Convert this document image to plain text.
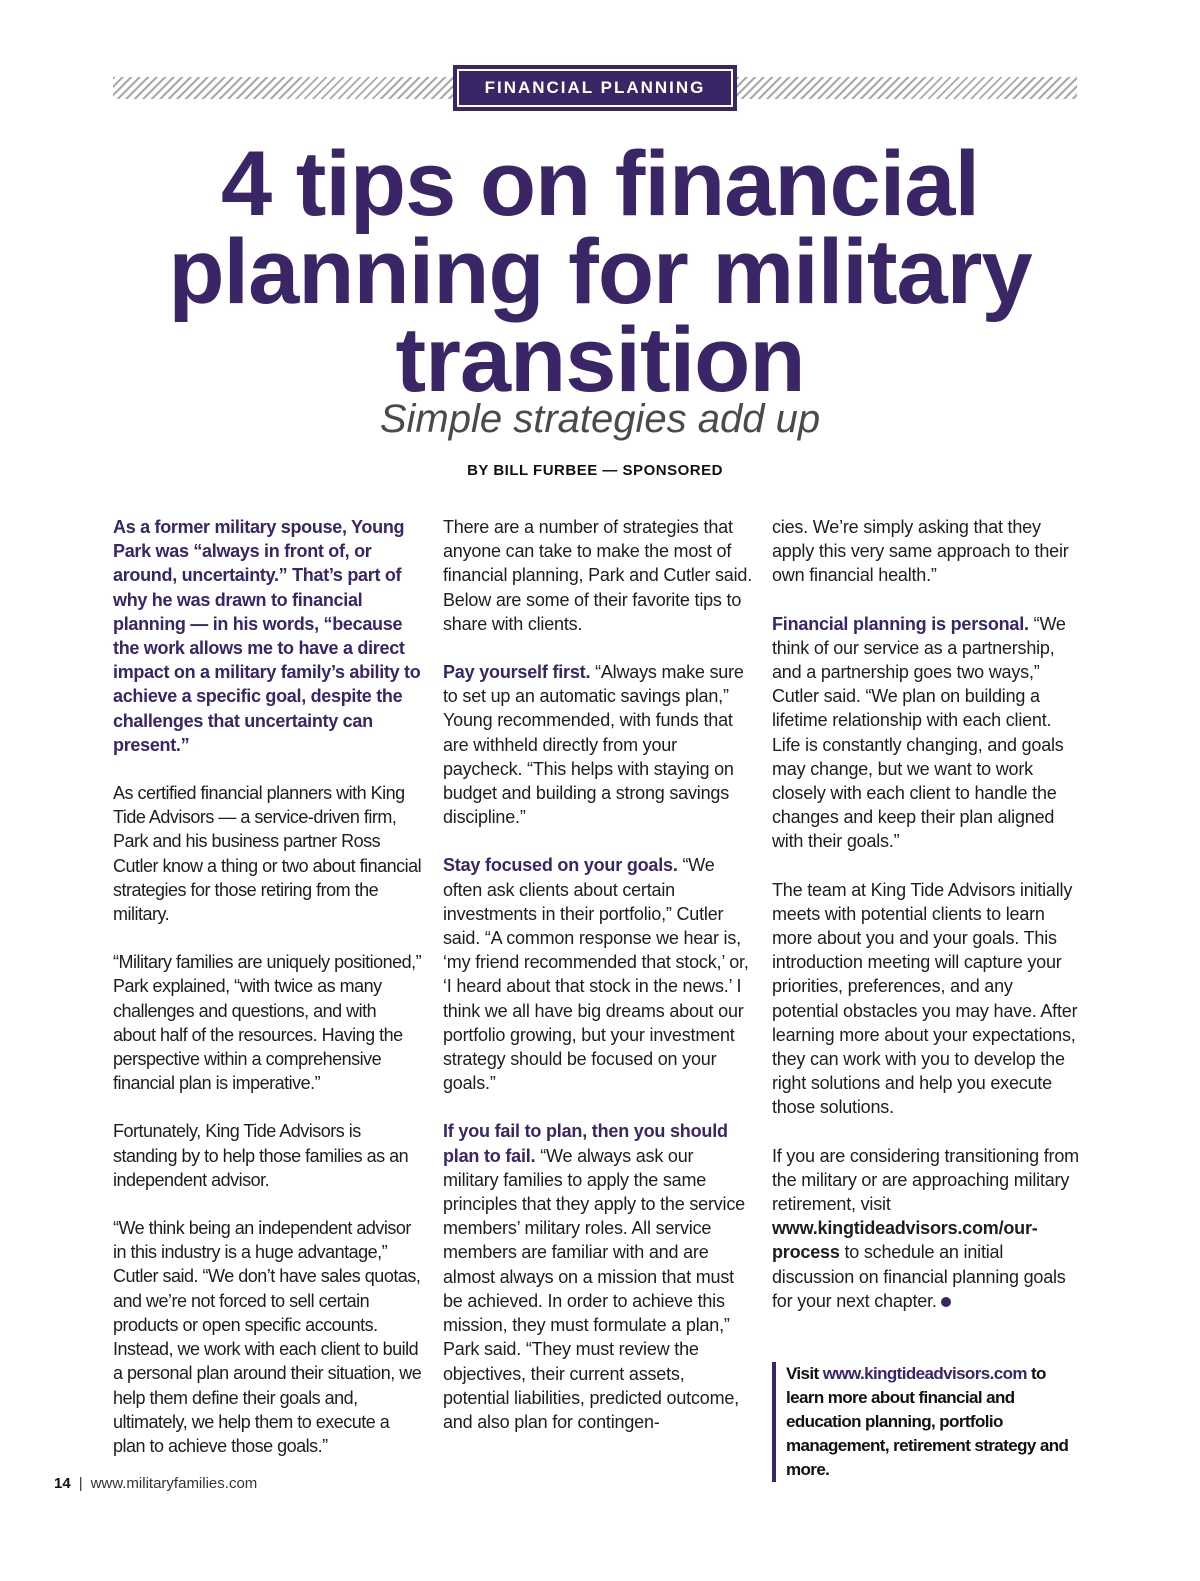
FINANCIAL PLANNING
4 tips on financial planning for military transition
Simple strategies add up
BY BILL FURBEE — SPONSORED

As a former military spouse, Young Park was “always in front of, or around, uncertainty.” That’s part of why he was drawn to financial planning — in his words, “because the work allows me to have a direct impact on a military family’s ability to achieve a specific goal, despite the challenges that uncertainty can present.”

As certified financial planners with King Tide Advisors — a service-driven firm, Park and his business partner Ross Cutler know a thing or two about financial strategies for those retiring from the military.

“Military families are uniquely positioned,” Park explained, “with twice as many challenges and questions, and with about half of the resources. Having the perspective within a comprehensive financial plan is imperative.”

Fortunately, King Tide Advisors is standing by to help those families as an independent advisor.

“We think being an independent advisor in this industry is a huge advantage,” Cutler said. “We don’t have sales quotas, and we’re not forced to sell certain products or open specific accounts. Instead, we work with each client to build a personal plan around their situation, we help them define their goals and, ultimately, we help them to execute a plan to achieve those goals.”

There are a number of strategies that anyone can take to make the most of financial planning, Park and Cutler said. Below are some of their favorite tips to share with clients.

Pay yourself first. “Always make sure to set up an automatic savings plan,” Young recommended, with funds that are withheld directly from your paycheck. “This helps with staying on budget and building a strong savings discipline.”

Stay focused on your goals. “We often ask clients about certain investments in their portfolio,” Cutler said. “A common response we hear is, ‘my friend recommended that stock,’ or, ‘I heard about that stock in the news.’ I think we all have big dreams about our portfolio growing, but your investment strategy should be focused on your goals.”

If you fail to plan, then you should plan to fail. “We always ask our military families to apply the same principles that they apply to the service members’ military roles. All service members are familiar with and are almost always on a mission that must be achieved. In order to achieve this mission, they must formulate a plan,” Park said. “They must review the objectives, their current assets, potential liabilities, predicted outcome, and also plan for contingen-

cies. We’re simply asking that they apply this very same approach to their own financial health.”

Financial planning is personal. “We think of our service as a partnership, and a partnership goes two ways,” Cutler said. “We plan on building a lifetime relationship with each client. Life is constantly changing, and goals may change, but we want to work closely with each client to handle the changes and keep their plan aligned with their goals.”

The team at King Tide Advisors initially meets with potential clients to learn more about you and your goals. This introduction meeting will capture your priorities, preferences, and any potential obstacles you may have. After learning more about your expectations, they can work with you to develop the right solutions and help you execute those solutions.

If you are considering transitioning from the military or are approaching military retirement, visit www.kingtideadvisors.com/our-process to schedule an initial discussion on financial planning goals for your next chapter.

Visit www.kingtideadvisors.com to learn more about financial and education planning, portfolio management, retirement strategy and more.
14 | www.militaryfamilies.com
